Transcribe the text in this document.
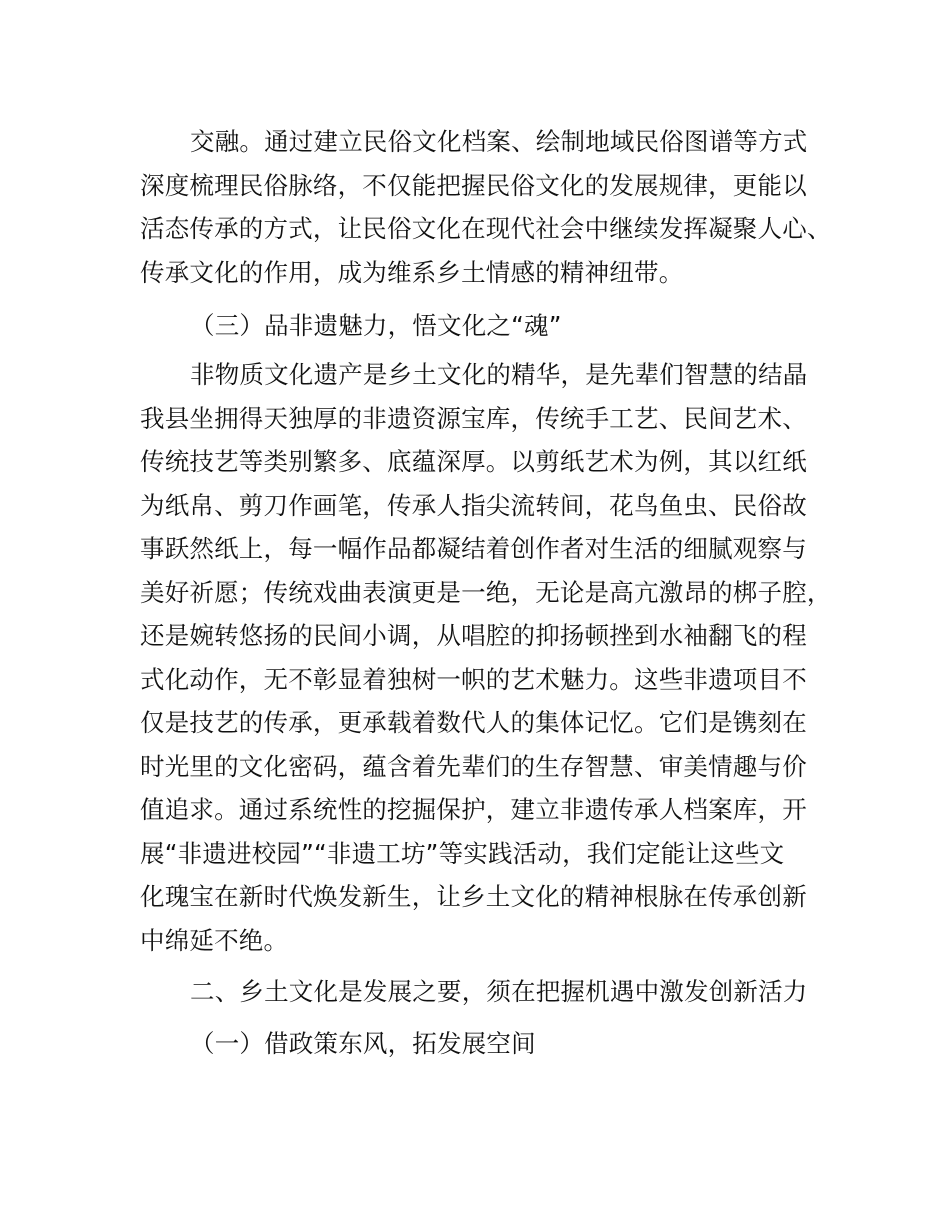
交融。通过建立民俗文化档案、绘制地域民俗图谱等方式
深度梳理民俗脉络，不仅能把握民俗文化的发展规律，更能以
活态传承的方式，让民俗文化在现代社会中继续发挥凝聚人心、
传承文化的作用，成为维系乡土情感的精神纽带。
（三）品非遗魅力，悟文化之“魂”
非物质文化遗产是乡土文化的精华，是先辈们智慧的结晶
我县坐拥得天独厚的非遗资源宝库，传统手工艺、民间艺术、
传统技艺等类别繁多、底蕴深厚。以剪纸艺术为例，其以红纸
为纸帛、剪刀作画笔，传承人指尖流转间，花鸟鱼虫、民俗故
事跃然纸上，每一幅作品都凝结着创作者对生活的细腻观察与
美好祈愿；传统戏曲表演更是一绝，无论是高亢激昂的梆子腔，
还是婉转悠扬的民间小调，从唱腔的抑扬顿挫到水袖翻飞的程
式化动作，无不彰显着独树一帜的艺术魅力。这些非遗项目不
仅是技艺的传承，更承载着数代人的集体记忆。它们是镌刻在
时光里的文化密码，蕴含着先辈们的生存智慧、审美情趣与价
值追求。通过系统性的挖掘保护，建立非遗传承人档案库，开
展“非遗进校园”“非遗工坊”等实践活动，我们定能让这些文
化瑰宝在新时代焕发新生，让乡土文化的精神根脉在传承创新
中绵延不绝。
二、乡土文化是发展之要，须在把握机遇中激发创新活力
（一）借政策东风，拓发展空间
